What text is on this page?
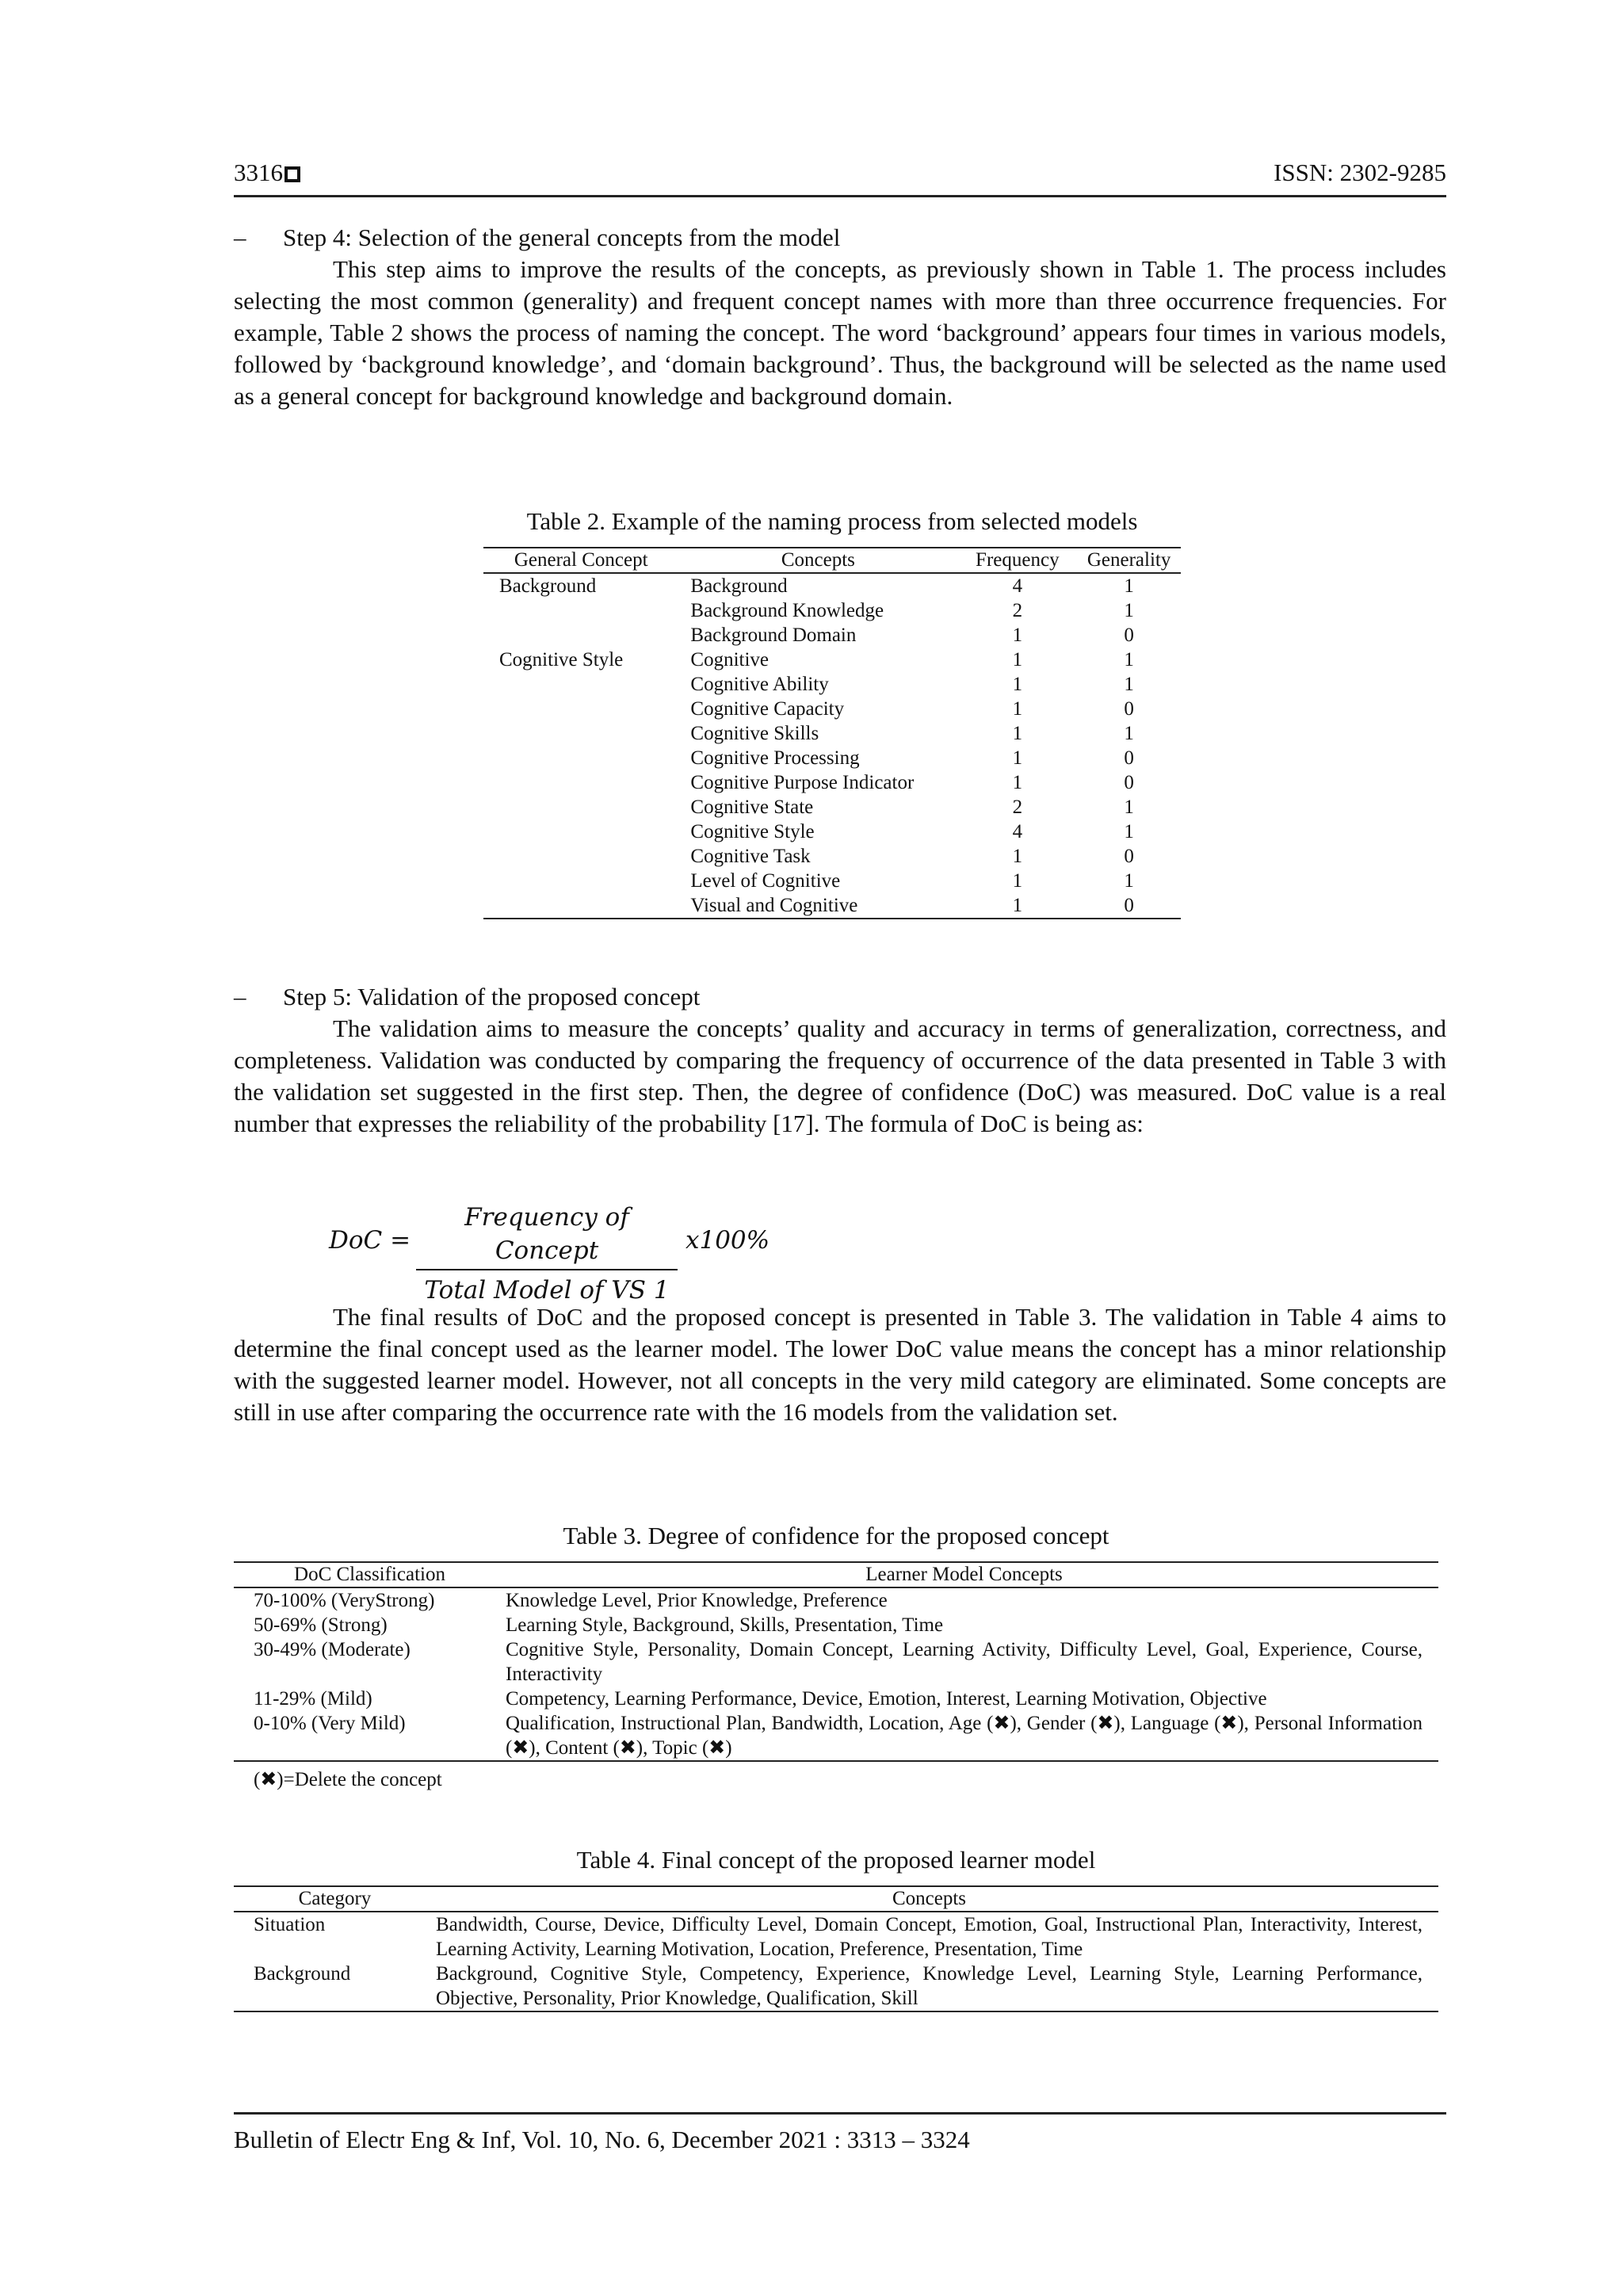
3316	ISSN: 2302-9285
– Step 4: Selection of the general concepts from the model
This step aims to improve the results of the concepts, as previously shown in Table 1. The process includes selecting the most common (generality) and frequent concept names with more than three occurrence frequencies. For example, Table 2 shows the process of naming the concept. The word ‘background’ appears four times in various models, followed by ‘background knowledge’, and ‘domain background’. Thus, the background will be selected as the name used as a general concept for background knowledge and background domain.
Table 2. Example of the naming process from selected models
General Concept	Concepts	Frequency	Generality
Background	Background	4	1
	Background Knowledge	2	1
	Background Domain	1	0
Cognitive Style	Cognitive	1	1
	Cognitive Ability	1	1
	Cognitive Capacity	1	0
	Cognitive Skills	1	1
	Cognitive Processing	1	0
	Cognitive Purpose Indicator	1	0
	Cognitive State	2	1
	Cognitive Style	4	1
	Cognitive Task	1	0
	Level of Cognitive	1	1
	Visual and Cognitive	1	0
– Step 5: Validation of the proposed concept
The validation aims to measure the concepts’ quality and accuracy in terms of generalization, correctness, and completeness. Validation was conducted by comparing the frequency of occurrence of the data presented in Table 3 with the validation set suggested in the first step. Then, the degree of confidence (DoC) was measured. DoC value is a real number that expresses the reliability of the probability [17]. The formula of DoC is being as:
DoC =
Frequency of Concept
Total Model of VS 1
x100%
The final results of DoC and the proposed concept is presented in Table 3. The validation in Table 4 aims to determine the final concept used as the learner model. The lower DoC value means the concept has a minor relationship with the suggested learner model. However, not all concepts in the very mild category are eliminated. Some concepts are still in use after comparing the occurrence rate with the 16 models from the validation set.
Table 3. Degree of confidence for the proposed concept
DoC Classification	Learner Model Concepts
70-100% (VeryStrong)	Knowledge Level, Prior Knowledge, Preference
50-69% (Strong)	Learning Style, Background, Skills, Presentation, Time
30-49% (Moderate)	Cognitive Style, Personality, Domain Concept, Learning Activity, Difficulty Level, Goal, Experience, Course, Interactivity
11-29% (Mild)	Competency, Learning Performance, Device, Emotion, Interest, Learning Motivation, Objective
0-10% (Very Mild)	Qualification, Instructional Plan, Bandwidth, Location, Age (✖), Gender (✖), Language (✖), Personal Information (✖), Content (✖), Topic (✖)
(✖)=Delete the concept
Table 4. Final concept of the proposed learner model
Category	Concepts
Situation	Bandwidth, Course, Device, Difficulty Level, Domain Concept, Emotion, Goal, Instructional Plan, Interactivity, Interest, Learning Activity, Learning Motivation, Location, Preference, Presentation, Time
Background	Background, Cognitive Style, Competency, Experience, Knowledge Level, Learning Style, Learning Performance, Objective, Personality, Prior Knowledge, Qualification, Skill
Bulletin of Electr Eng & Inf, Vol. 10, No. 6, December 2021 : 3313 – 3324
